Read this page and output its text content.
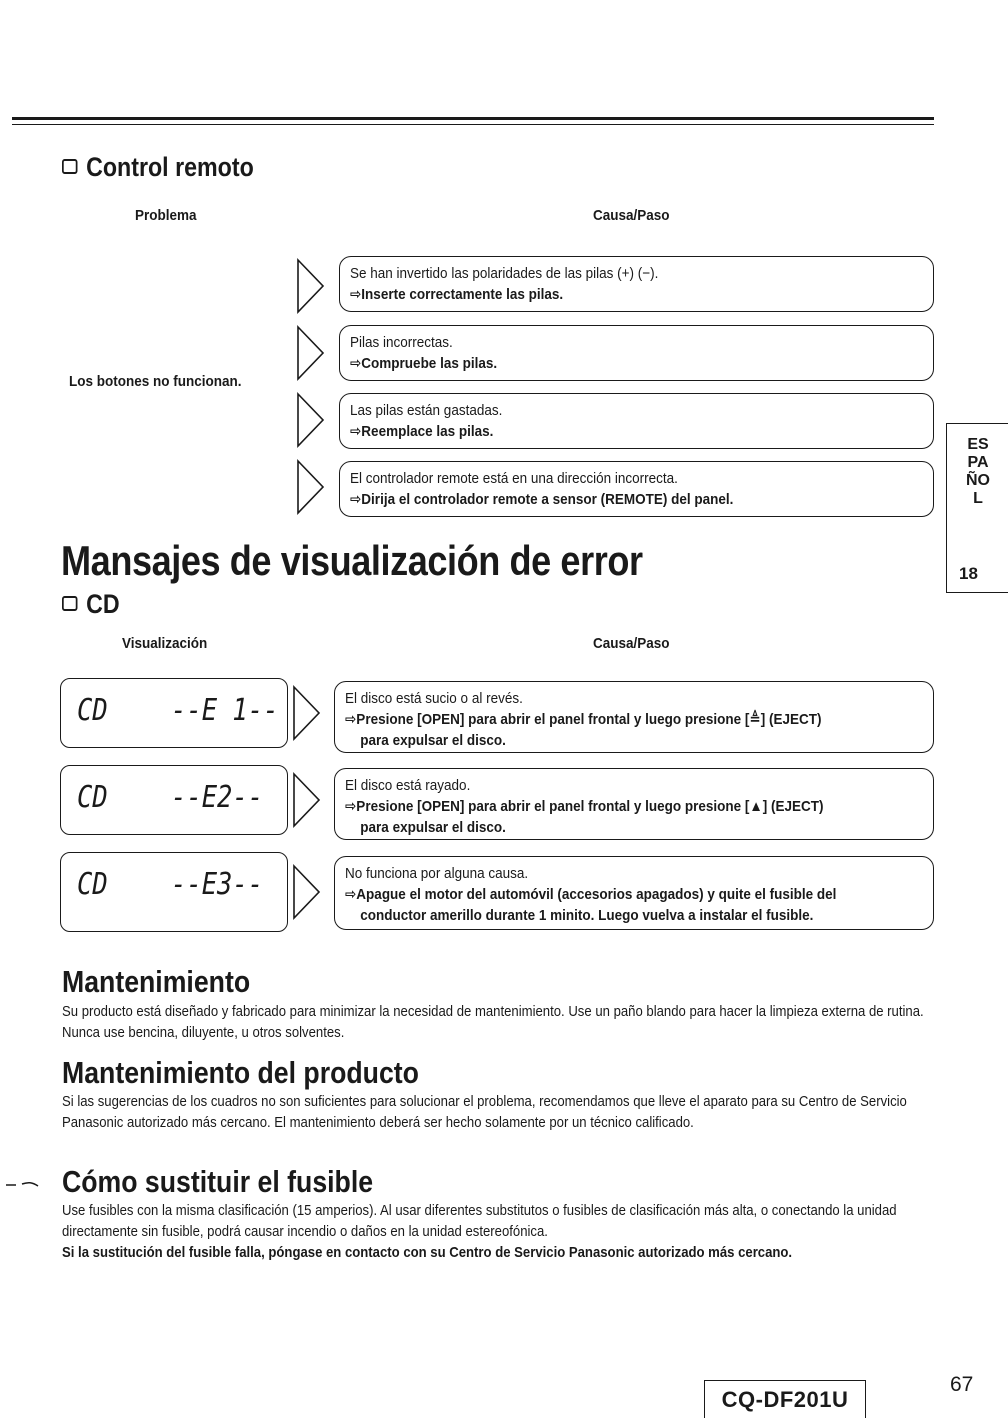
Control remoto
Problema	Causa/Paso
Los botones no funcionan.
Se han invertido las polaridades de las pilas (+) (−).
⇨Inserte correctamente las pilas.
Pilas incorrectas.
⇨Compruebe las pilas.
Las pilas están gastadas.
⇨Reemplace las pilas.
El controlador remote está en una dirección incorrecta.
⇨Dirija el controlador remote a sensor (REMOTE) del panel.
Mansajes de visualización de error
CD
Visualización	Causa/Paso
CD --E 1--
CD --E2--
CD --E3--
El disco está sucio o al revés.
⇨Presione [OPEN] para abrir el panel frontal y luego presione [≜] (EJECT)
para expulsar el disco.
El disco está rayado.
⇨Presione [OPEN] para abrir el panel frontal y luego presione [▲] (EJECT)
para expulsar el disco.
No funciona por alguna causa.
⇨Apague el motor del automóvil (accesorios apagados) y quite el fusible del
conductor amerillo durante 1 minito. Luego vuelva a instalar el fusible.
Mantenimiento
Su producto está diseñado y fabricado para minimizar la necesidad de mantenimiento. Use un paño blando para hacer la limpieza externa de rutina. Nunca use bencina, diluyente, u otros solventes.
Mantenimiento del producto
Si las sugerencias de los cuadros no son suficientes para solucionar el problema, recomendamos que lleve el aparato para su Centro de Servicio Panasonic autorizado más cercano. El mantenimiento deberá ser hecho solamente por un técnico calificado.
Cómo sustituir el fusible
Use fusibles con la misma clasificación (15 amperios). Al usar diferentes substitutos o fusibles de clasificación más alta, o conectando la unidad directamente sin fusible, podrá causar incendio o daños en la unidad estereofónica.
Si la sustitución del fusible falla, póngase en contacto con su Centro de Servicio Panasonic autorizado más cercano.
ESPAÑOL
18
CQ-DF201U
67
